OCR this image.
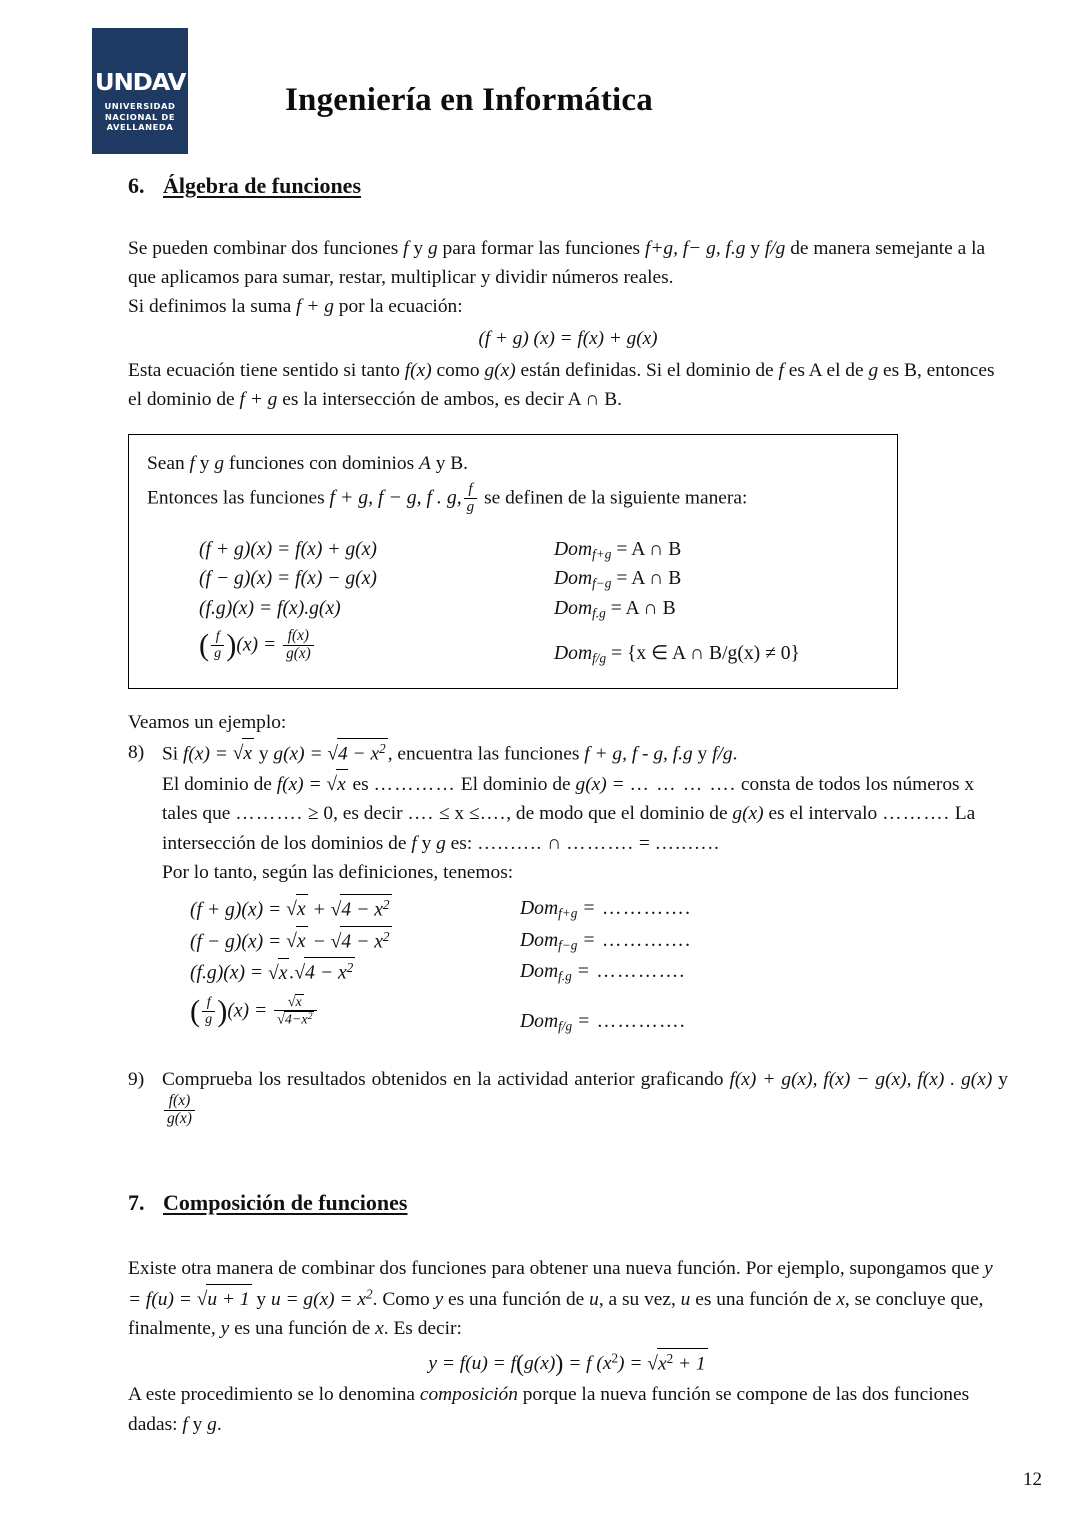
UNDAV
UNIVERSIDAD
NACIONAL DE
AVELLANEDA
Ingeniería en Informática
6. Álgebra de funciones

Se pueden combinar dos funciones f y g para formar las funciones f+g, f− g, f.g y f/g de manera semejante a la que aplicamos para sumar, restar, multiplicar y dividir números reales.

Si definimos la suma f + g por la ecuación:

(f + g) (x) = f(x) + g(x)

Esta ecuación tiene sentido si tanto f(x) como g(x) están definidas. Si el dominio de f es A el de g es B, entonces el dominio de f + g es la intersección de ambos, es decir A ∩ B.

Sean f y g funciones con dominios A y B.

Entonces las funciones f + g, f − g, f . g, $\frac{f}{g}$ se definen de la siguiente manera:

(f + g)(x) = f(x) + g(x)	Dom$_{f+g}$ = A ∩ B
(f − g)(x) = f(x) − g(x)	Dom$_{f-g}$ = A ∩ B
(f.g)(x) = f(x).g(x)	Dom$_{f.g}$ = A ∩ B
( $\frac{f}{g} )(x) = \frac{f(x)}{g(x)}$	Dom$_{f/g}$ = {x ∈ A ∩ B/g(x) ≠ 0}

Veamos un ejemplo:

8) Si f(x) = √x y $g(x) = √4 - x^2$ , encuentra las funciones f + g, f - g, f.g y f/g.
El dominio de f(x) = √x es ………… El dominio de g(x) = … … … …. consta de todos los números x tales que ………. ≥ 0, es decir …. ≤ x ≤…., de modo que el dominio de g(x) es el intervalo ………. La intersección de los dominios de f y g es: …..….. ∩ ………. = …..…..
Por lo tanto, según las definiciones, tenemos:
$(f + g)(x) = √x + √4 - x^2$	Dom$_{f+g}$ = ………….
$(f - g)(x) = √x - √4 - x^2$	Dom$_{f-g}$ = ………….
(f.g)(x) = √x $.√4 - x^2$	Dom$_{f.g}$ = ………….
( $\frac{f}{g} )(x) = \frac{√x}{√4-x^2}$	Dom$_{f/g}$ = ………….
9) Comprueba los resultados obtenidos en la actividad anterior graficando f(x) + g(x), f(x) − g(x), f(x) . g(x) y
$\frac{f(x)}{g(x)}$
7. Composición de funciones

Existe otra manera de combinar dos funciones para obtener una nueva función. Por ejemplo, supongamos que y = f(u) = √u + 1 y $u = g(x) = x^2$. Como y es una función de u, a su vez, u es una función de x, se concluye que, finalmente, y es una función de x. Es decir:

y = f(u) = f(g(x)) = f $(x^2) = √x^2 + 1$

A este procedimiento se lo denomina composición porque la nueva función se compone de las dos funciones dadas: f y g.

12
